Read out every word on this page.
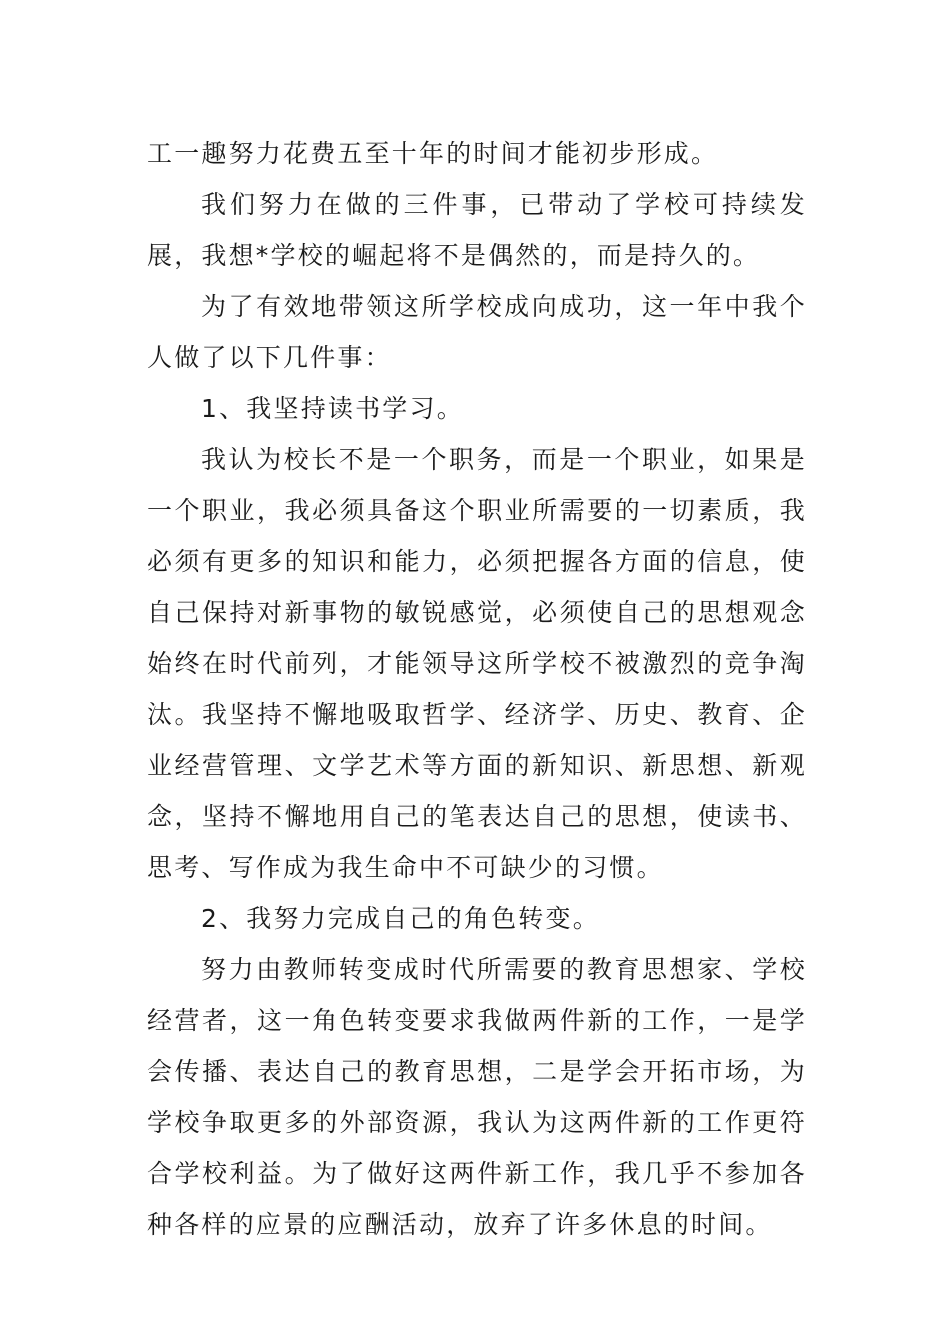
工一趣努力花费五至十年的时间才能初步形成。

我们努力在做的三件事，已带动了学校可持续发展，我想*学校的崛起将不是偶然的，而是持久的。

为了有效地带领这所学校成向成功，这一年中我个人做了以下几件事：

1、我坚持读书学习。

我认为校长不是一个职务，而是一个职业，如果是一个职业，我必须具备这个职业所需要的一切素质，我必须有更多的知识和能力，必须把握各方面的信息，使自己保持对新事物的敏锐感觉，必须使自己的思想观念始终在时代前列，才能领导这所学校不被激烈的竞争淘汰。我坚持不懈地吸取哲学、经济学、历史、教育、企业经营管理、文学艺术等方面的新知识、新思想、新观念，坚持不懈地用自己的笔表达自己的思想，使读书、思考、写作成为我生命中不可缺少的习惯。

2、我努力完成自己的角色转变。

努力由教师转变成时代所需要的教育思想家、学校经营者，这一角色转变要求我做两件新的工作，一是学会传播、表达自己的教育思想，二是学会开拓市场，为学校争取更多的外部资源，我认为这两件新的工作更符合学校利益。为了做好这两件新工作，我几乎不参加各种各样的应景的应酬活动，放弃了许多休息的时间。
